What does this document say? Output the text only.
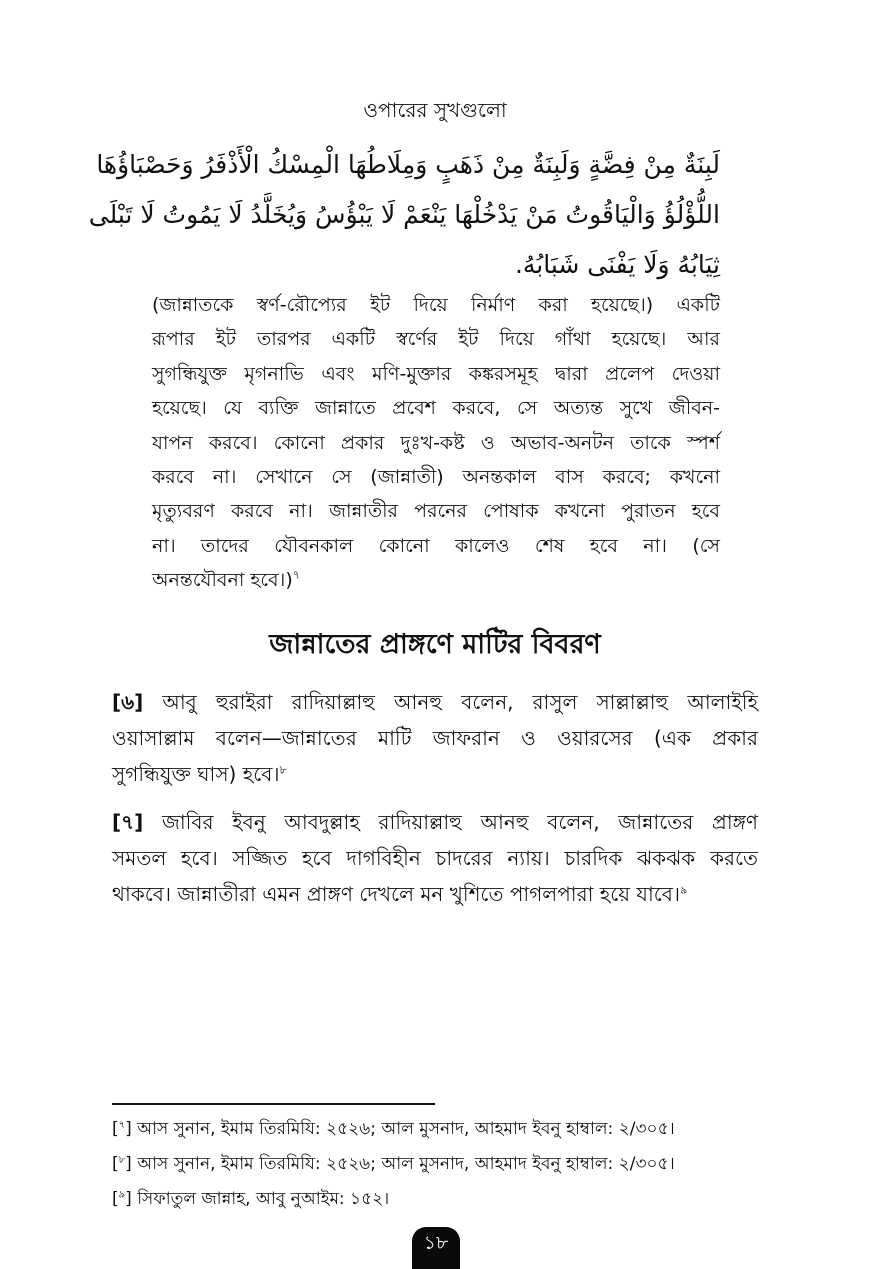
ওপারের সুখগুলো
لَبِنَةٌ مِنْ فِضَّةٍ وَلَبِنَةٌ مِنْ ذَهَبٍ وَمِلَاطُهَا الْمِسْكُ الْأَذْفَرُ وَحَصْبَاؤُهَا
اللُّؤْلُؤُ وَالْيَاقُوتُ مَنْ يَدْخُلْهَا يَنْعَمْ لَا يَبْؤُسُ وَيُخَلَّدُ لَا يَمُوتُ لَا تَبْلَى
ثِيَابُهُ وَلَا يَفْنَى شَبَابُهُ.
(জান্নাতকে স্বর্ণ-রৌপ্যের ইট দিয়ে নির্মাণ করা হয়েছে।) একটি
রূপার ইট তারপর একটি স্বর্ণের ইট দিয়ে গাঁথা হয়েছে। আর
সুগন্ধিযুক্ত মৃগনাভি এবং মণি-মুক্তার কঙ্করসমূহ দ্বারা প্রলেপ দেওয়া
হয়েছে। যে ব্যক্তি জান্নাতে প্রবেশ করবে, সে অত্যন্ত সুখে জীবন-
যাপন করবে। কোনো প্রকার দুঃখ-কষ্ট ও অভাব-অনটন তাকে স্পর্শ
করবে না। সেখানে সে (জান্নাতী) অনন্তকাল বাস করবে; কখনো
মৃত্যুবরণ করবে না। জান্নাতীর পরনের পোষাক কখনো পুরাতন হবে
না। তাদের যৌবনকাল কোনো কালেও শেষ হবে না। (সে
অনন্তযৌবনা হবে।)$^৭$
জান্নাতের প্রাঙ্গণে মাটির বিবরণ
[৬] আবু হুরাইরা রাদিয়াল্লাহু আনহু বলেন, রাসুল সাল্লাল্লাহু আলাইহি
ওয়াসাল্লাম বলেন—জান্নাতের মাটি জাফরান ও ওয়ারসের (এক প্রকার
সুগন্ধিযুক্ত ঘাস) হবে।$^৮$
[৭] জাবির ইবনু আবদুল্লাহ রাদিয়াল্লাহু আনহু বলেন, জান্নাতের প্রাঙ্গণ
সমতল হবে। সজ্জিত হবে দাগবিহীন চাদরের ন্যায়। চারদিক ঝকঝক করতে
থাকবে। জান্নাতীরা এমন প্রাঙ্গণ দেখলে মন খুশিতে পাগলপারা হয়ে যাবে।$^৯$
[$^৭$] আস সুনান, ইমাম তিরমিযি: ২৫২৬; আল মুসনাদ, আহমাদ ইবনু হাম্বাল: ২/৩০৫।
[$^৮$] আস সুনান, ইমাম তিরমিযি: ২৫২৬; আল মুসনাদ, আহমাদ ইবনু হাম্বাল: ২/৩০৫।
[$^৯$] সিফাতুল জান্নাহ, আবু নুআইম: ১৫২।
১৮
